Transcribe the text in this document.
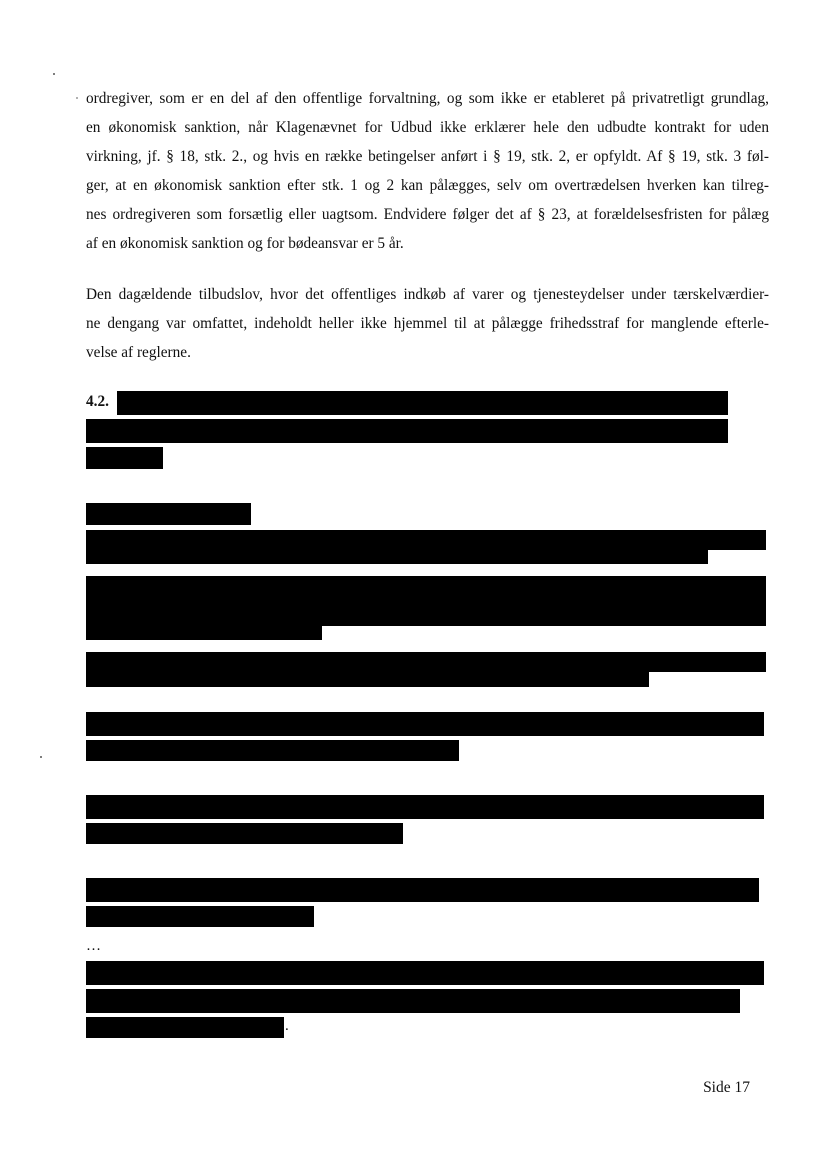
ordregiver, som er en del af den offentlige forvaltning, og som ikke er etableret på privatretligt grundlag,
en økonomisk sanktion, når Klagenævnet for Udbud ikke erklærer hele den udbudte kontrakt for uden
virkning, jf. § 18, stk. 2., og hvis en række betingelser anført i § 19, stk. 2, er opfyldt. Af § 19, stk. 3 føl-
ger, at en økonomisk sanktion efter stk. 1 og 2 kan pålægges, selv om overtrædelsen hverken kan tilreg-
nes ordregiveren som forsætlig eller uagtsom. Endvidere følger det af § 23, at forældelsesfristen for pålæg
af en økonomisk sanktion og for bødeansvar er 5 år.
Den dagældende tilbudslov, hvor det offentliges indkøb af varer og tjenesteydelser under tærskelværdier-
ne dengang var omfattet, indeholdt heller ikke hjemmel til at pålægge frihedsstraf for manglende efterle-
velse af reglerne.
4.2.
…
.
Side 17
